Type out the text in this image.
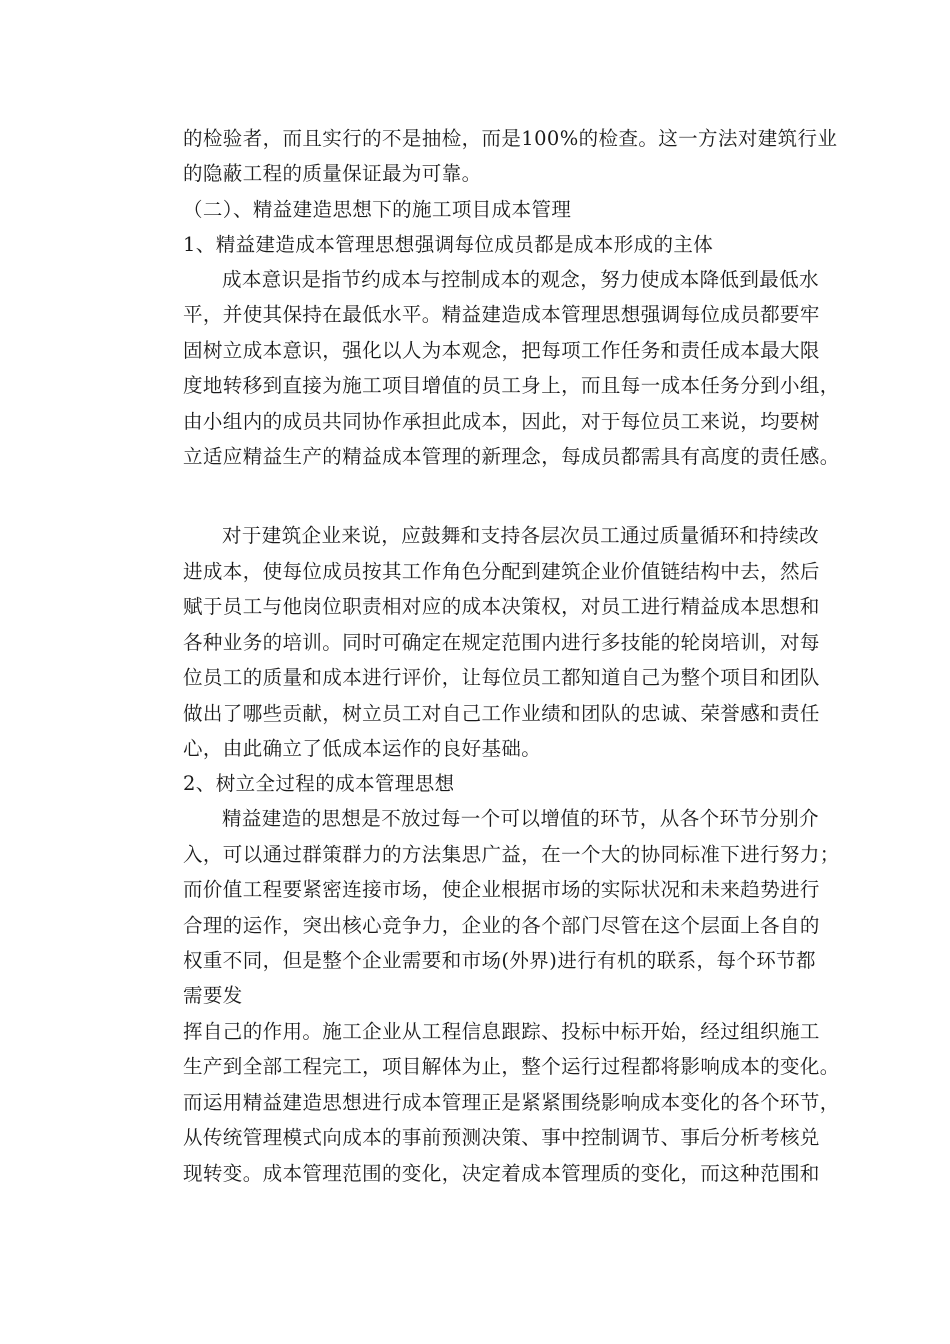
的检验者，而且实行的不是抽检，而是100%的检查。这一方法对建筑行业
的隐蔽工程的质量保证最为可靠。
（二）、精益建造思想下的施工项目成本管理
1、精益建造成本管理思想强调每位成员都是成本形成的主体
成本意识是指节约成本与控制成本的观念，努力使成本降低到最低水
平，并使其保持在最低水平。精益建造成本管理思想强调每位成员都要牢
固树立成本意识，强化以人为本观念，把每项工作任务和责任成本最大限
度地转移到直接为施工项目增值的员工身上，而且每一成本任务分到小组，
由小组内的成员共同协作承担此成本，因此，对于每位员工来说，均要树
立适应精益生产的精益成本管理的新理念，每成员都需具有高度的责任感。
对于建筑企业来说，应鼓舞和支持各层次员工通过质量循环和持续改
进成本，使每位成员按其工作角色分配到建筑企业价值链结构中去，然后
赋于员工与他岗位职责相对应的成本决策权，对员工进行精益成本思想和
各种业务的培训。同时可确定在规定范围内进行多技能的轮岗培训，对每
位员工的质量和成本进行评价，让每位员工都知道自己为整个项目和团队
做出了哪些贡献，树立员工对自己工作业绩和团队的忠诚、荣誉感和责任
心，由此确立了低成本运作的良好基础。
2、树立全过程的成本管理思想
精益建造的思想是不放过每一个可以增值的环节，从各个环节分别介
入，可以通过群策群力的方法集思广益，在一个大的协同标准下进行努力；
而价值工程要紧密连接市场，使企业根据市场的实际状况和未来趋势进行
合理的运作，突出核心竞争力，企业的各个部门尽管在这个层面上各自的
权重不同，但是整个企业需要和市场(外界)进行有机的联系，每个环节都
需要发
挥自己的作用。施工企业从工程信息跟踪、投标中标开始，经过组织施工
生产到全部工程完工，项目解体为止，整个运行过程都将影响成本的变化。
而运用精益建造思想进行成本管理正是紧紧围绕影响成本变化的各个环节，
从传统管理模式向成本的事前预测决策、事中控制调节、事后分析考核兑
现转变。成本管理范围的变化，决定着成本管理质的变化，而这种范围和
